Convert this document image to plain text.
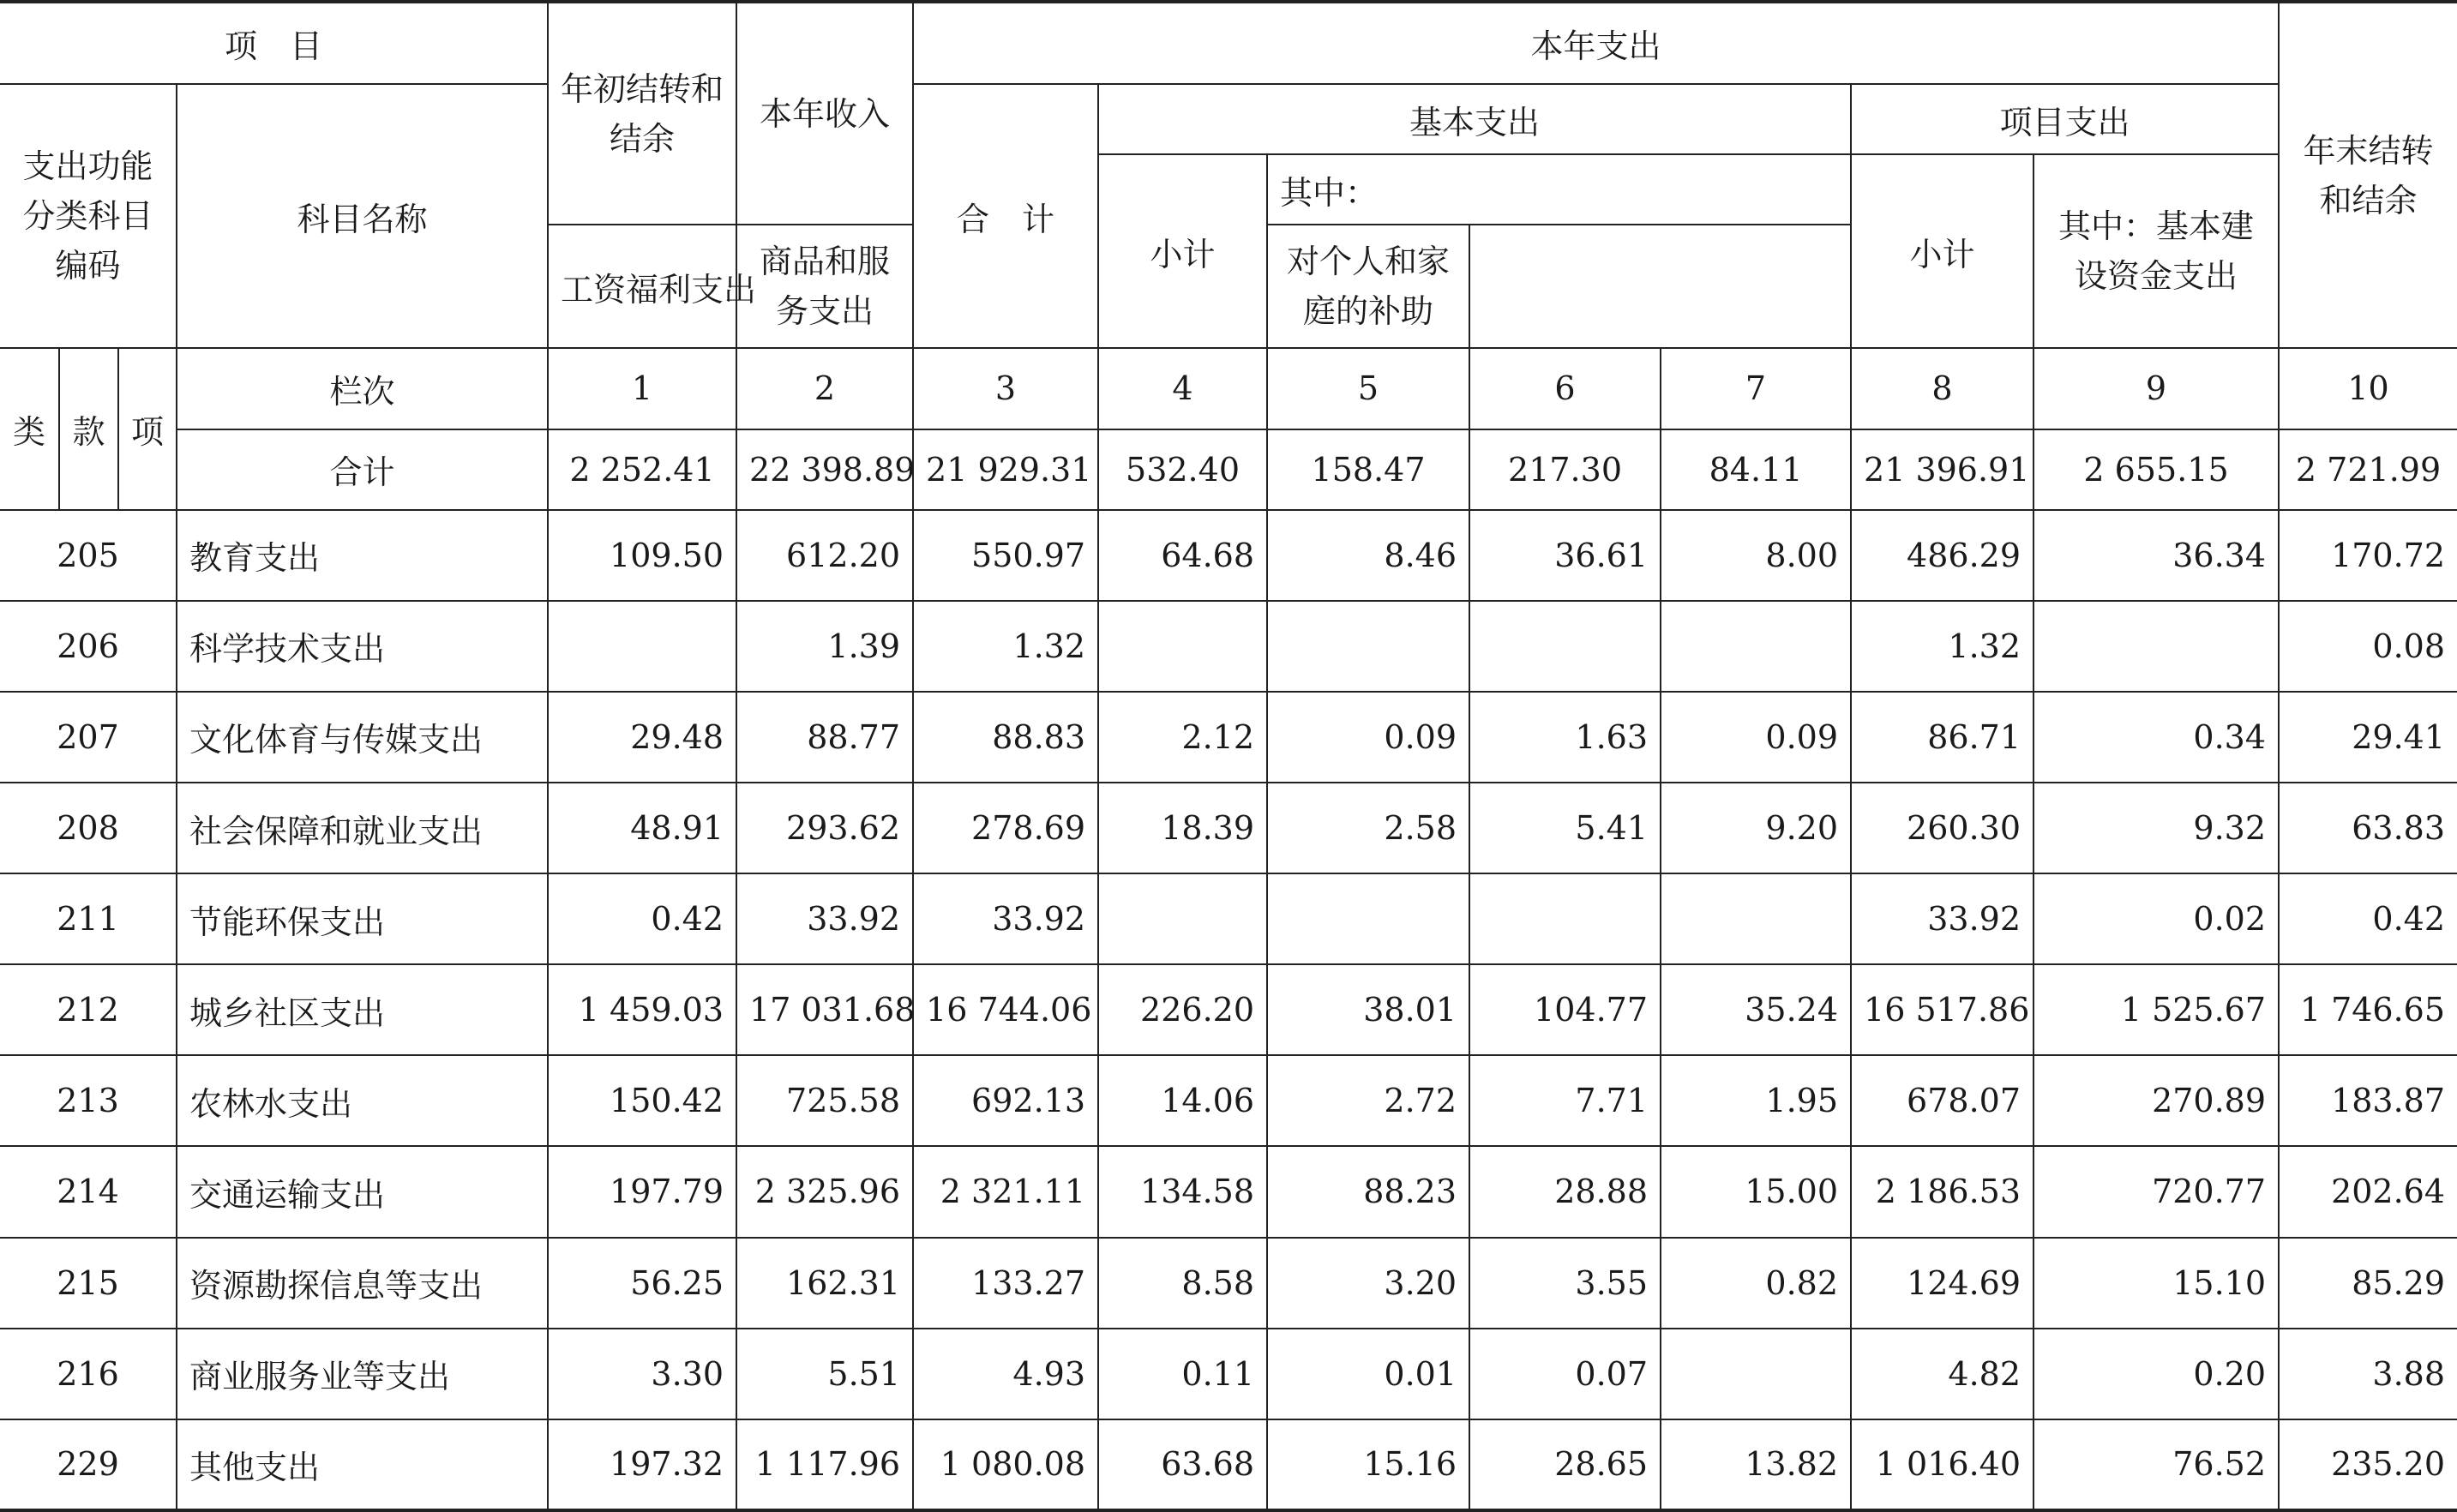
项　目				年初结转和结余	本年收入	本年支出							年末结转和结余
支出功能分类科目编码			科目名称			合　计	基本支出				项目支出		
							小计	其中：			小计	其中：基本建设资金支出	
				工资福利支出	商品和服务支出			对个人和家庭的补助					
类	款	项	栏次	1	2	3	4	5	6	7	8	9	10
			合计	2 252.41	22 398.89	21 929.31	532.40	158.47	217.30	84.11	21 396.91	2 655.15	2 721.99
205			教育支出	109.50	612.20	550.97	64.68	8.46	36.61	8.00	486.29	36.34	170.72
206			科学技术支出		1.39	1.32					1.32		0.08
207			文化体育与传媒支出	29.48	88.77	88.83	2.12	0.09	1.63	0.09	86.71	0.34	29.41
208			社会保障和就业支出	48.91	293.62	278.69	18.39	2.58	5.41	9.20	260.30	9.32	63.83
211			节能环保支出	0.42	33.92	33.92					33.92	0.02	0.42
212			城乡社区支出	1 459.03	17 031.68	16 744.06	226.20	38.01	104.77	35.24	16 517.86	1 525.67	1 746.65
213			农林水支出	150.42	725.58	692.13	14.06	2.72	7.71	1.95	678.07	270.89	183.87
214			交通运输支出	197.79	2 325.96	2 321.11	134.58	88.23	28.88	15.00	2 186.53	720.77	202.64
215			资源勘探信息等支出	56.25	162.31	133.27	8.58	3.20	3.55	0.82	124.69	15.10	85.29
216			商业服务业等支出	3.30	5.51	4.93	0.11	0.01	0.07		4.82	0.20	3.88
229			其他支出	197.32	1 117.96	1 080.08	63.68	15.16	28.65	13.82	1 016.40	76.52	235.20
